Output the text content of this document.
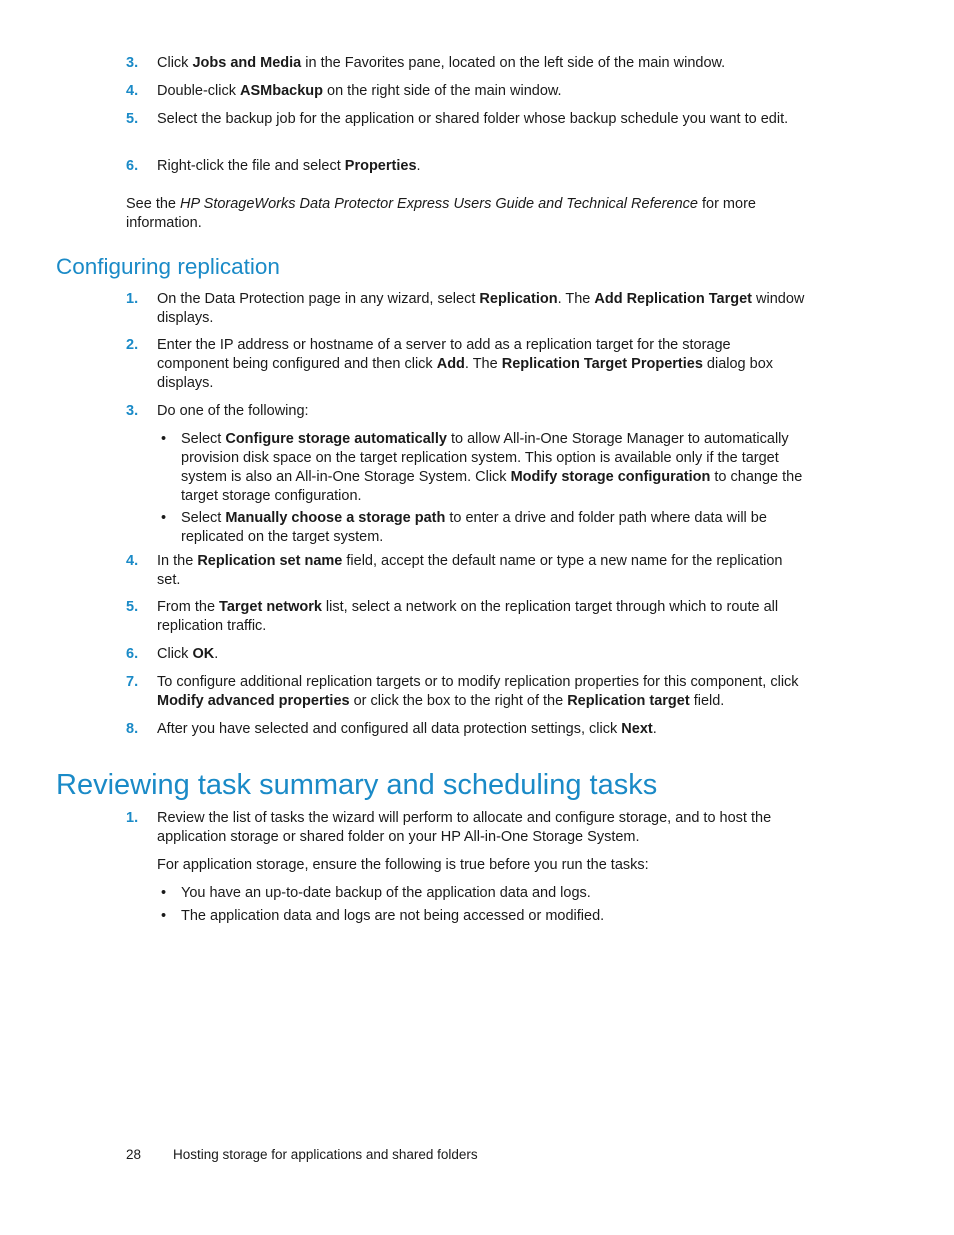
3. Click Jobs and Media in the Favorites pane, located on the left side of the main window.
4. Double-click ASMbackup on the right side of the main window.
5. Select the backup job for the application or shared folder whose backup schedule you want to edit.
6. Right-click the file and select Properties.
See the HP StorageWorks Data Protector Express Users Guide and Technical Reference for more information.
Configuring replication
1. On the Data Protection page in any wizard, select Replication. The Add Replication Target window displays.
2. Enter the IP address or hostname of a server to add as a replication target for the storage component being configured and then click Add. The Replication Target Properties dialog box displays.
3. Do one of the following:
• Select Configure storage automatically to allow All-in-One Storage Manager to automatically provision disk space on the target replication system. This option is available only if the target system is also an All-in-One Storage System. Click Modify storage configuration to change the target storage configuration.
• Select Manually choose a storage path to enter a drive and folder path where data will be replicated on the target system.
4. In the Replication set name field, accept the default name or type a new name for the replication set.
5. From the Target network list, select a network on the replication target through which to route all replication traffic.
6. Click OK.
7. To configure additional replication targets or to modify replication properties for this component, click Modify advanced properties or click the box to the right of the Replication target field.
8. After you have selected and configured all data protection settings, click Next.
Reviewing task summary and scheduling tasks
1. Review the list of tasks the wizard will perform to allocate and configure storage, and to host the application storage or shared folder on your HP All-in-One Storage System.
For application storage, ensure the following is true before you run the tasks:
• You have an up-to-date backup of the application data and logs.
• The application data and logs are not being accessed or modified.
28 Hosting storage for applications and shared folders
